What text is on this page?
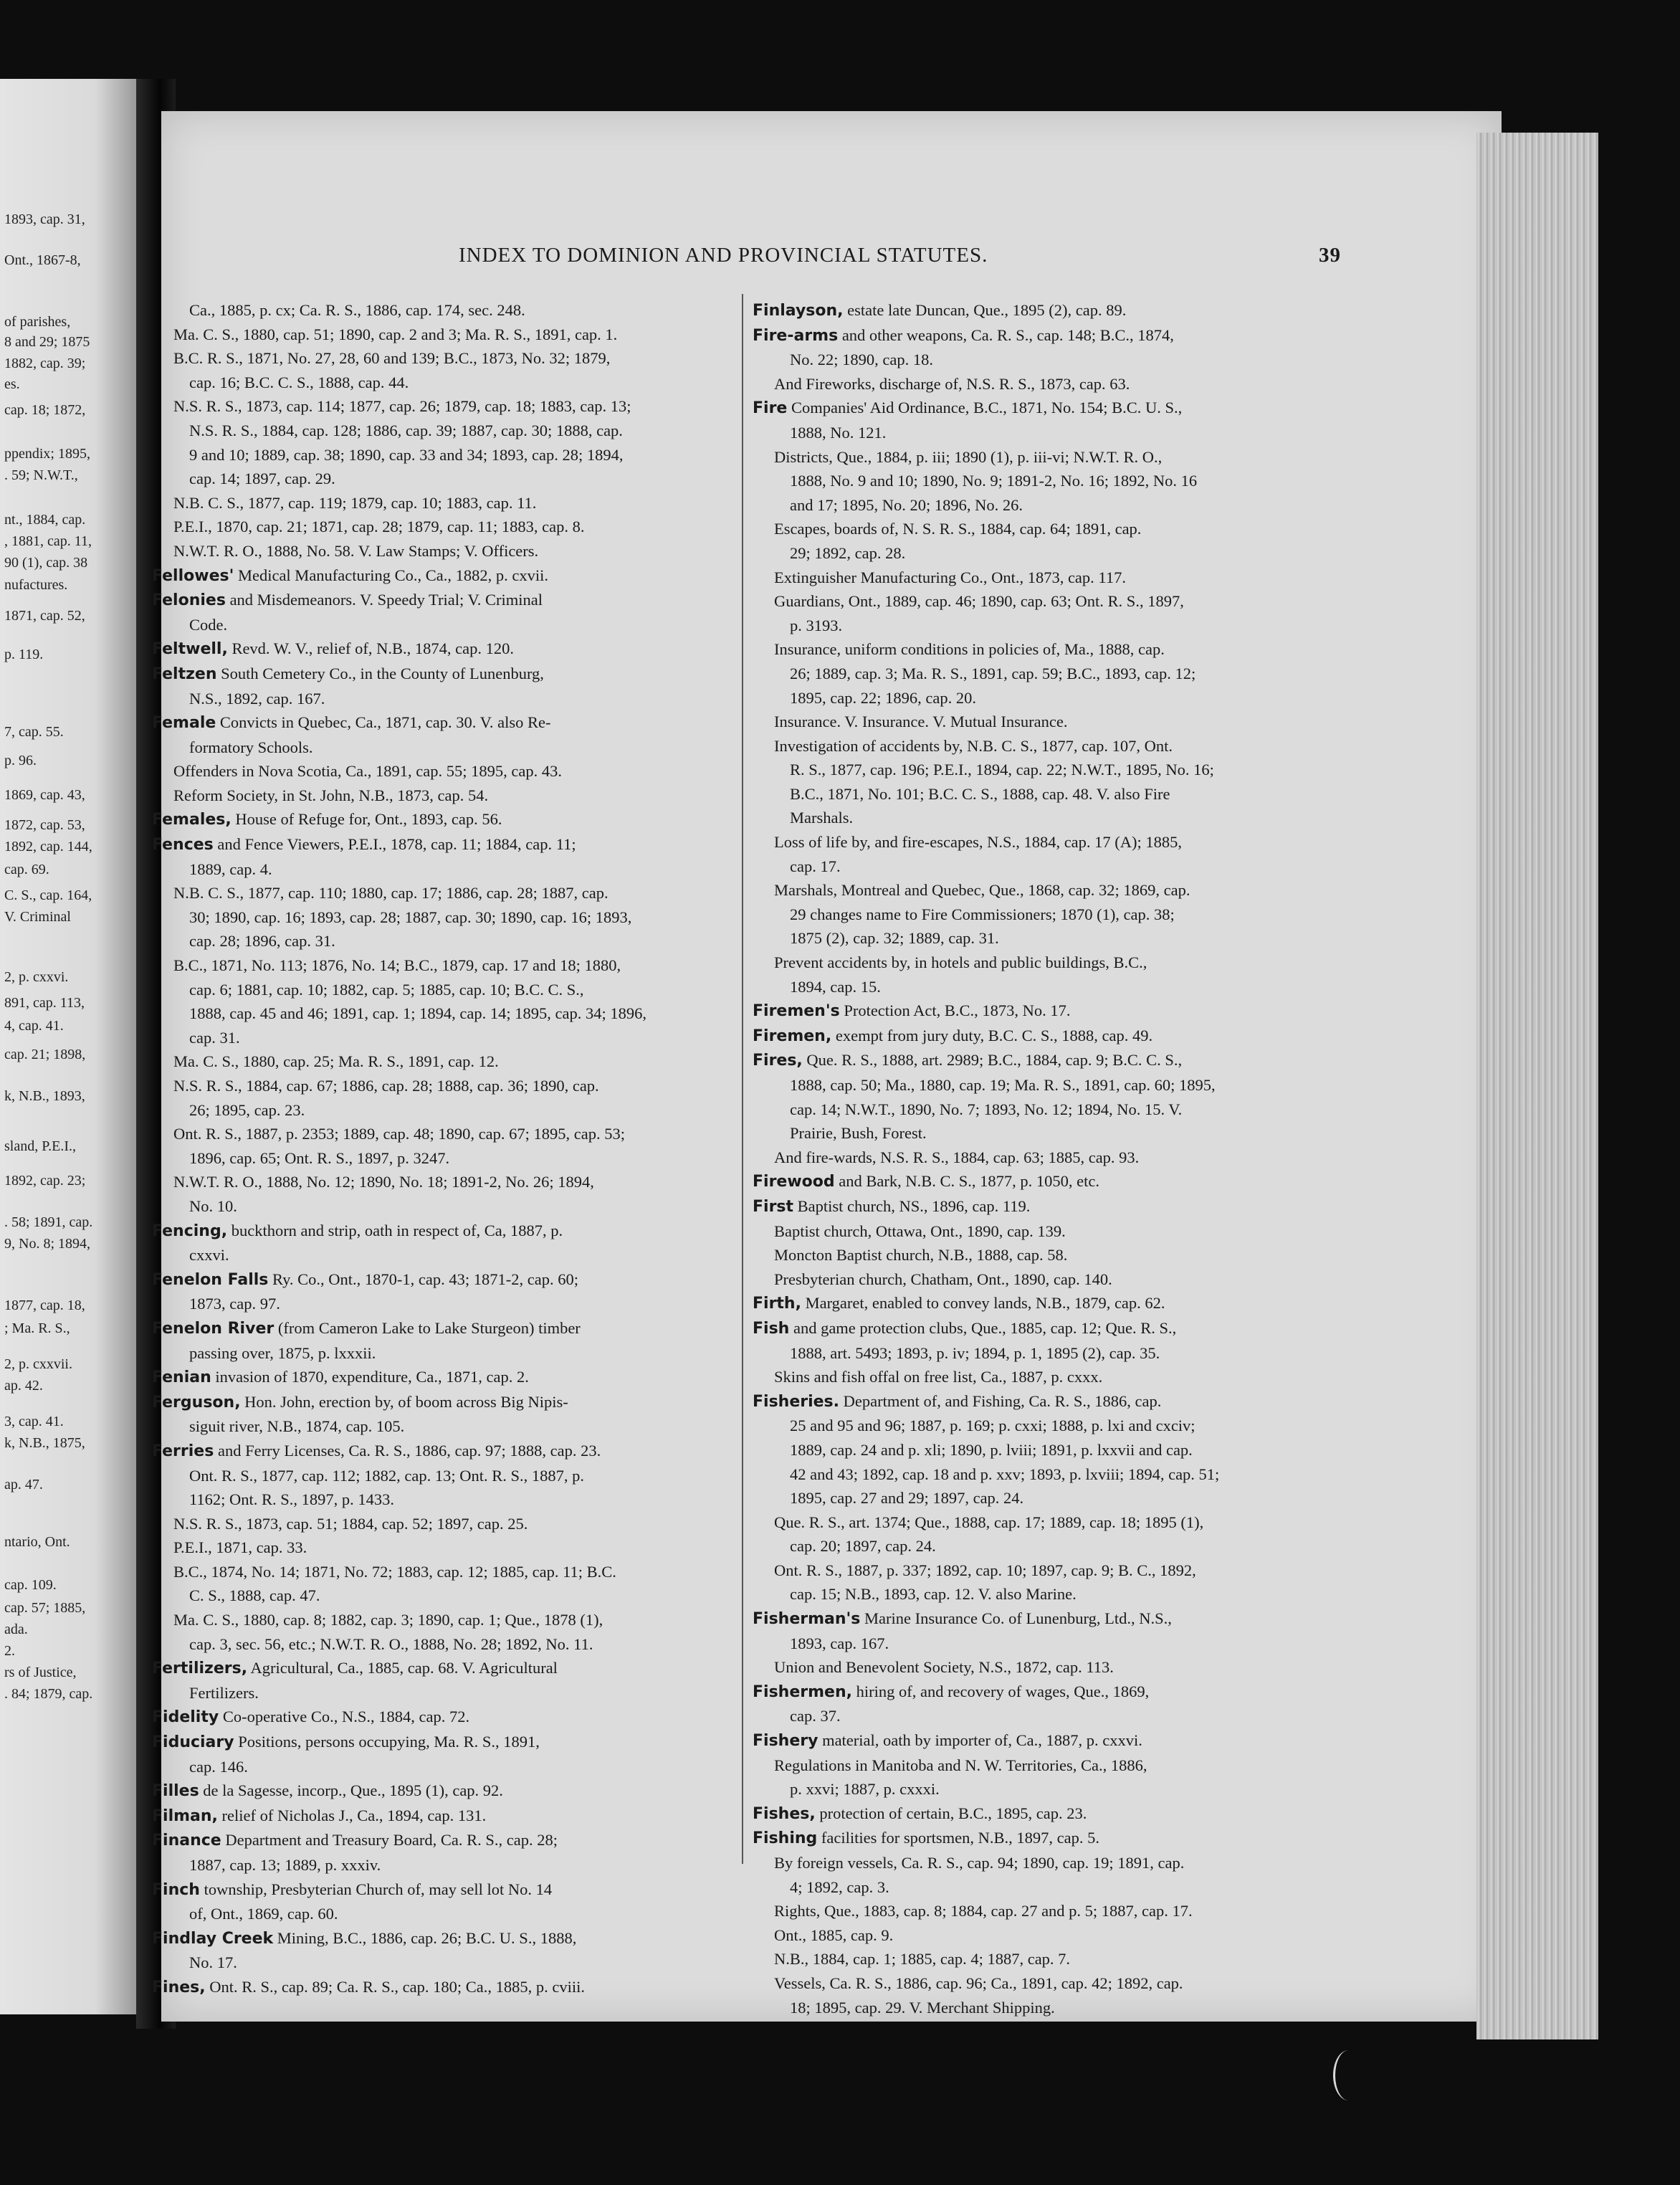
1893, cap. 31,
Ont., 1867-8,
of parishes,
8 and 29; 1875
1882, cap. 39;
es.
cap. 18; 1872,
ppendix; 1895,
. 59; N.W.T.,
nt., 1884, cap.
, 1881, cap. 11,
90 (1), cap. 38
nufactures.
1871, cap. 52,
p. 119.
7, cap. 55.
p. 96.
1869, cap. 43,
1872, cap. 53,
1892, cap. 144,
cap. 69.
C. S., cap. 164,
V. Criminal
2, p. cxxvi.
891, cap. 113,
4, cap. 41.
cap. 21; 1898,
k, N.B., 1893,
sland, P.E.I.,
1892, cap. 23;
. 58; 1891, cap.
9, No. 8; 1894,
1877, cap. 18,
; Ma. R. S.,
2, p. cxxvii.
ap. 42.
3, cap. 41.
k, N.B., 1875,
ap. 47.
ntario, Ont.
cap. 109.
cap. 57; 1885,
ada.
2.
rs of Justice,
. 84; 1879, cap.
INDEX TO DOMINION AND PROVINCIAL STATUTES.	39
Ca., 1885, p. cx; Ca. R. S., 1886, cap. 174, sec. 248.
Ma. C. S., 1880, cap. 51; 1890, cap. 2 and 3; Ma. R. S., 1891, cap. 1.
B.C. R. S., 1871, No. 27, 28, 60 and 139; B.C., 1873, No. 32; 1879,
cap. 16; B.C. C. S., 1888, cap. 44.
N.S. R. S., 1873, cap. 114; 1877, cap. 26; 1879, cap. 18; 1883, cap. 13;
N.S. R. S., 1884, cap. 128; 1886, cap. 39; 1887, cap. 30; 1888, cap.
9 and 10; 1889, cap. 38; 1890, cap. 33 and 34; 1893, cap. 28; 1894,
cap. 14; 1897, cap. 29.
N.B. C. S., 1877, cap. 119; 1879, cap. 10; 1883, cap. 11.
P.E.I., 1870, cap. 21; 1871, cap. 28; 1879, cap. 11; 1883, cap. 8.
N.W.T. R. O., 1888, No. 58. V. Law Stamps; V. Officers.
Fellowes' Medical Manufacturing Co., Ca., 1882, p. cxvii.
Felonies and Misdemeanors. V. Speedy Trial; V. Criminal
Code.
Feltwell, Revd. W. V., relief of, N.B., 1874, cap. 120.
Feltzen South Cemetery Co., in the County of Lunenburg,
N.S., 1892, cap. 167.
Female Convicts in Quebec, Ca., 1871, cap. 30. V. also Re-
formatory Schools.
Offenders in Nova Scotia, Ca., 1891, cap. 55; 1895, cap. 43.
Reform Society, in St. John, N.B., 1873, cap. 54.
Females, House of Refuge for, Ont., 1893, cap. 56.
Fences and Fence Viewers, P.E.I., 1878, cap. 11; 1884, cap. 11;
1889, cap. 4.
N.B. C. S., 1877, cap. 110; 1880, cap. 17; 1886, cap. 28; 1887, cap.
30; 1890, cap. 16; 1893, cap. 28; 1887, cap. 30; 1890, cap. 16; 1893,
cap. 28; 1896, cap. 31.
B.C., 1871, No. 113; 1876, No. 14; B.C., 1879, cap. 17 and 18; 1880,
cap. 6; 1881, cap. 10; 1882, cap. 5; 1885, cap. 10; B.C. C. S.,
1888, cap. 45 and 46; 1891, cap. 1; 1894, cap. 14; 1895, cap. 34; 1896,
cap. 31.
Ma. C. S., 1880, cap. 25; Ma. R. S., 1891, cap. 12.
N.S. R. S., 1884, cap. 67; 1886, cap. 28; 1888, cap. 36; 1890, cap.
26; 1895, cap. 23.
Ont. R. S., 1887, p. 2353; 1889, cap. 48; 1890, cap. 67; 1895, cap. 53;
1896, cap. 65; Ont. R. S., 1897, p. 3247.
N.W.T. R. O., 1888, No. 12; 1890, No. 18; 1891-2, No. 26; 1894,
No. 10.
Fencing, buckthorn and strip, oath in respect of, Ca, 1887, p.
cxxvi.
Fenelon Falls Ry. Co., Ont., 1870-1, cap. 43; 1871-2, cap. 60;
1873, cap. 97.
Fenelon River (from Cameron Lake to Lake Sturgeon) timber
passing over, 1875, p. lxxxii.
Fenian invasion of 1870, expenditure, Ca., 1871, cap. 2.
Ferguson, Hon. John, erection by, of boom across Big Nipis-
siguit river, N.B., 1874, cap. 105.
Ferries and Ferry Licenses, Ca. R. S., 1886, cap. 97; 1888, cap. 23.
Ont. R. S., 1877, cap. 112; 1882, cap. 13; Ont. R. S., 1887, p.
1162; Ont. R. S., 1897, p. 1433.
N.S. R. S., 1873, cap. 51; 1884, cap. 52; 1897, cap. 25.
P.E.I., 1871, cap. 33.
B.C., 1874, No. 14; 1871, No. 72; 1883, cap. 12; 1885, cap. 11; B.C.
C. S., 1888, cap. 47.
Ma. C. S., 1880, cap. 8; 1882, cap. 3; 1890, cap. 1; Que., 1878 (1),
cap. 3, sec. 56, etc.; N.W.T. R. O., 1888, No. 28; 1892, No. 11.
Fertilizers, Agricultural, Ca., 1885, cap. 68. V. Agricultural
Fertilizers.
Fidelity Co-operative Co., N.S., 1884, cap. 72.
Fiduciary Positions, persons occupying, Ma. R. S., 1891,
cap. 146.
Filles de la Sagesse, incorp., Que., 1895 (1), cap. 92.
Filman, relief of Nicholas J., Ca., 1894, cap. 131.
Finance Department and Treasury Board, Ca. R. S., cap. 28;
1887, cap. 13; 1889, p. xxxiv.
Finch township, Presbyterian Church of, may sell lot No. 14
of, Ont., 1869, cap. 60.
Findlay Creek Mining, B.C., 1886, cap. 26; B.C. U. S., 1888,
No. 17.
Fines, Ont. R. S., cap. 89; Ca. R. S., cap. 180; Ca., 1885, p. cviii.
Finlayson, estate late Duncan, Que., 1895 (2), cap. 89.
Fire-arms and other weapons, Ca. R. S., cap. 148; B.C., 1874,
No. 22; 1890, cap. 18.
And Fireworks, discharge of, N.S. R. S., 1873, cap. 63.
Fire Companies' Aid Ordinance, B.C., 1871, No. 154; B.C. U. S.,
1888, No. 121.
Districts, Que., 1884, p. iii; 1890 (1), p. iii-vi; N.W.T. R. O.,
1888, No. 9 and 10; 1890, No. 9; 1891-2, No. 16; 1892, No. 16
and 17; 1895, No. 20; 1896, No. 26.
Escapes, boards of, N. S. R. S., 1884, cap. 64; 1891, cap.
29; 1892, cap. 28.
Extinguisher Manufacturing Co., Ont., 1873, cap. 117.
Guardians, Ont., 1889, cap. 46; 1890, cap. 63; Ont. R. S., 1897,
p. 3193.
Insurance, uniform conditions in policies of, Ma., 1888, cap.
26; 1889, cap. 3; Ma. R. S., 1891, cap. 59; B.C., 1893, cap. 12;
1895, cap. 22; 1896, cap. 20.
Insurance. V. Insurance. V. Mutual Insurance.
Investigation of accidents by, N.B. C. S., 1877, cap. 107, Ont.
R. S., 1877, cap. 196; P.E.I., 1894, cap. 22; N.W.T., 1895, No. 16;
B.C., 1871, No. 101; B.C. C. S., 1888, cap. 48. V. also Fire
Marshals.
Loss of life by, and fire-escapes, N.S., 1884, cap. 17 (A); 1885,
cap. 17.
Marshals, Montreal and Quebec, Que., 1868, cap. 32; 1869, cap.
29 changes name to Fire Commissioners; 1870 (1), cap. 38;
1875 (2), cap. 32; 1889, cap. 31.
Prevent accidents by, in hotels and public buildings, B.C.,
1894, cap. 15.
Firemen's Protection Act, B.C., 1873, No. 17.
Firemen, exempt from jury duty, B.C. C. S., 1888, cap. 49.
Fires, Que. R. S., 1888, art. 2989; B.C., 1884, cap. 9; B.C. C. S.,
1888, cap. 50; Ma., 1880, cap. 19; Ma. R. S., 1891, cap. 60; 1895,
cap. 14; N.W.T., 1890, No. 7; 1893, No. 12; 1894, No. 15. V.
Prairie, Bush, Forest.
And fire-wards, N.S. R. S., 1884, cap. 63; 1885, cap. 93.
Firewood and Bark, N.B. C. S., 1877, p. 1050, etc.
First Baptist church, NS., 1896, cap. 119.
Baptist church, Ottawa, Ont., 1890, cap. 139.
Moncton Baptist church, N.B., 1888, cap. 58.
Presbyterian church, Chatham, Ont., 1890, cap. 140.
Firth, Margaret, enabled to convey lands, N.B., 1879, cap. 62.
Fish and game protection clubs, Que., 1885, cap. 12; Que. R. S.,
1888, art. 5493; 1893, p. iv; 1894, p. 1, 1895 (2), cap. 35.
Skins and fish offal on free list, Ca., 1887, p. cxxx.
Fisheries. Department of, and Fishing, Ca. R. S., 1886, cap.
25 and 95 and 96; 1887, p. 169; p. cxxi; 1888, p. lxi and cxciv;
1889, cap. 24 and p. xli; 1890, p. lviii; 1891, p. lxxvii and cap.
42 and 43; 1892, cap. 18 and p. xxv; 1893, p. lxviii; 1894, cap. 51;
1895, cap. 27 and 29; 1897, cap. 24.
Que. R. S., art. 1374; Que., 1888, cap. 17; 1889, cap. 18; 1895 (1),
cap. 20; 1897, cap. 24.
Ont. R. S., 1887, p. 337; 1892, cap. 10; 1897, cap. 9; B. C., 1892,
cap. 15; N.B., 1893, cap. 12. V. also Marine.
Fisherman's Marine Insurance Co. of Lunenburg, Ltd., N.S.,
1893, cap. 167.
Union and Benevolent Society, N.S., 1872, cap. 113.
Fishermen, hiring of, and recovery of wages, Que., 1869,
cap. 37.
Fishery material, oath by importer of, Ca., 1887, p. cxxvi.
Regulations in Manitoba and N. W. Territories, Ca., 1886,
p. xxvi; 1887, p. cxxxi.
Fishes, protection of certain, B.C., 1895, cap. 23.
Fishing facilities for sportsmen, N.B., 1897, cap. 5.
By foreign vessels, Ca. R. S., cap. 94; 1890, cap. 19; 1891, cap.
4; 1892, cap. 3.
Rights, Que., 1883, cap. 8; 1884, cap. 27 and p. 5; 1887, cap. 17.
Ont., 1885, cap. 9.
N.B., 1884, cap. 1; 1885, cap. 4; 1887, cap. 7.
Vessels, Ca. R. S., 1886, cap. 96; Ca., 1891, cap. 42; 1892, cap.
18; 1895, cap. 29. V. Merchant Shipping.
